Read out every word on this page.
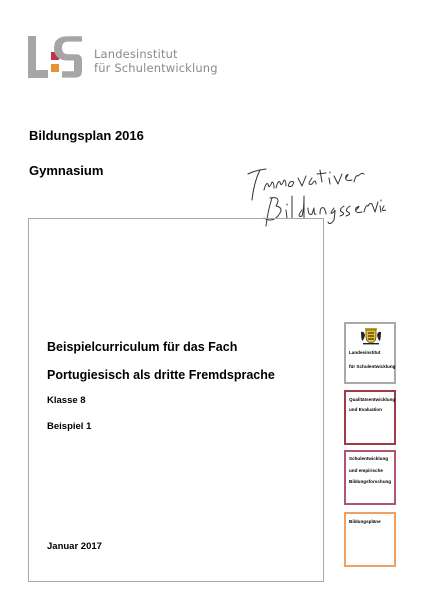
Landesinstitut
für Schulentwicklung
Bildungsplan 2016
Gymnasium
Beispielcurriculum für das Fach
Portugiesisch als dritte Fremdsprache
Klasse 8
Beispiel 1
Januar 2017
Landesinstitut
für Schulentwicklung
Qualitätsentwicklung
und Evaluation
Schulentwicklung
und empirische
Bildungsforschung
Bildungspläne
